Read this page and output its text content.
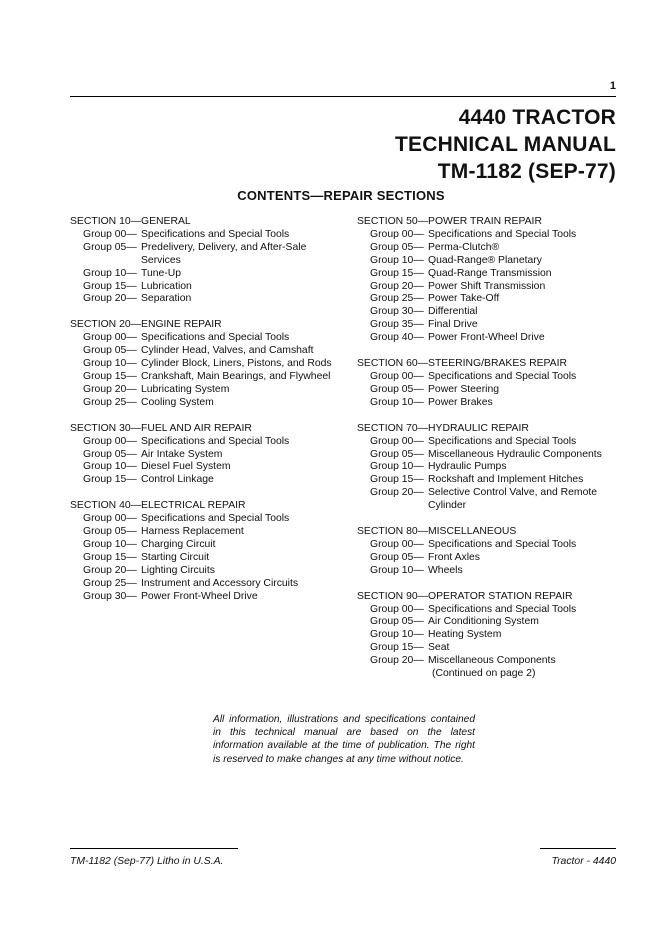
1
4440 TRACTOR
TECHNICAL MANUAL
TM-1182 (SEP-77)
CONTENTS—REPAIR SECTIONS
SECTION 10—GENERAL
Group 00— Specifications and Special Tools
Group 05— Predelivery, Delivery, and After-Sale Services
Group 10— Tune-Up
Group 15— Lubrication
Group 20— Separation
SECTION 20—ENGINE REPAIR
Group 00— Specifications and Special Tools
Group 05— Cylinder Head, Valves, and Camshaft
Group 10— Cylinder Block, Liners, Pistons, and Rods
Group 15— Crankshaft, Main Bearings, and Flywheel
Group 20— Lubricating System
Group 25— Cooling System
SECTION 30—FUEL AND AIR REPAIR
Group 00— Specifications and Special Tools
Group 05— Air Intake System
Group 10— Diesel Fuel System
Group 15— Control Linkage
SECTION 40—ELECTRICAL REPAIR
Group 00— Specifications and Special Tools
Group 05— Harness Replacement
Group 10— Charging Circuit
Group 15— Starting Circuit
Group 20— Lighting Circuits
Group 25— Instrument and Accessory Circuits
Group 30— Power Front-Wheel Drive
SECTION 50—POWER TRAIN REPAIR
Group 00— Specifications and Special Tools
Group 05— Perma-Clutch®
Group 10— Quad-Range® Planetary
Group 15— Quad-Range Transmission
Group 20— Power Shift Transmission
Group 25— Power Take-Off
Group 30— Differential
Group 35— Final Drive
Group 40— Power Front-Wheel Drive
SECTION 60—STEERING/BRAKES REPAIR
Group 00— Specifications and Special Tools
Group 05— Power Steering
Group 10— Power Brakes
SECTION 70—HYDRAULIC REPAIR
Group 00— Specifications and Special Tools
Group 05— Miscellaneous Hydraulic Components
Group 10— Hydraulic Pumps
Group 15— Rockshaft and Implement Hitches
Group 20— Selective Control Valve, and Remote Cylinder
SECTION 80—MISCELLANEOUS
Group 00— Specifications and Special Tools
Group 05— Front Axles
Group 10— Wheels
SECTION 90—OPERATOR STATION REPAIR
Group 00— Specifications and Special Tools
Group 05— Air Conditioning System
Group 10— Heating System
Group 15— Seat
Group 20— Miscellaneous Components
(Continued on page 2)
All information, illustrations and specifications contained in this technical manual are based on the latest information available at the time of publication. The right is reserved to make changes at any time without notice.
TM-1182 (Sep-77) Litho in U.S.A.	Tractor - 4440
